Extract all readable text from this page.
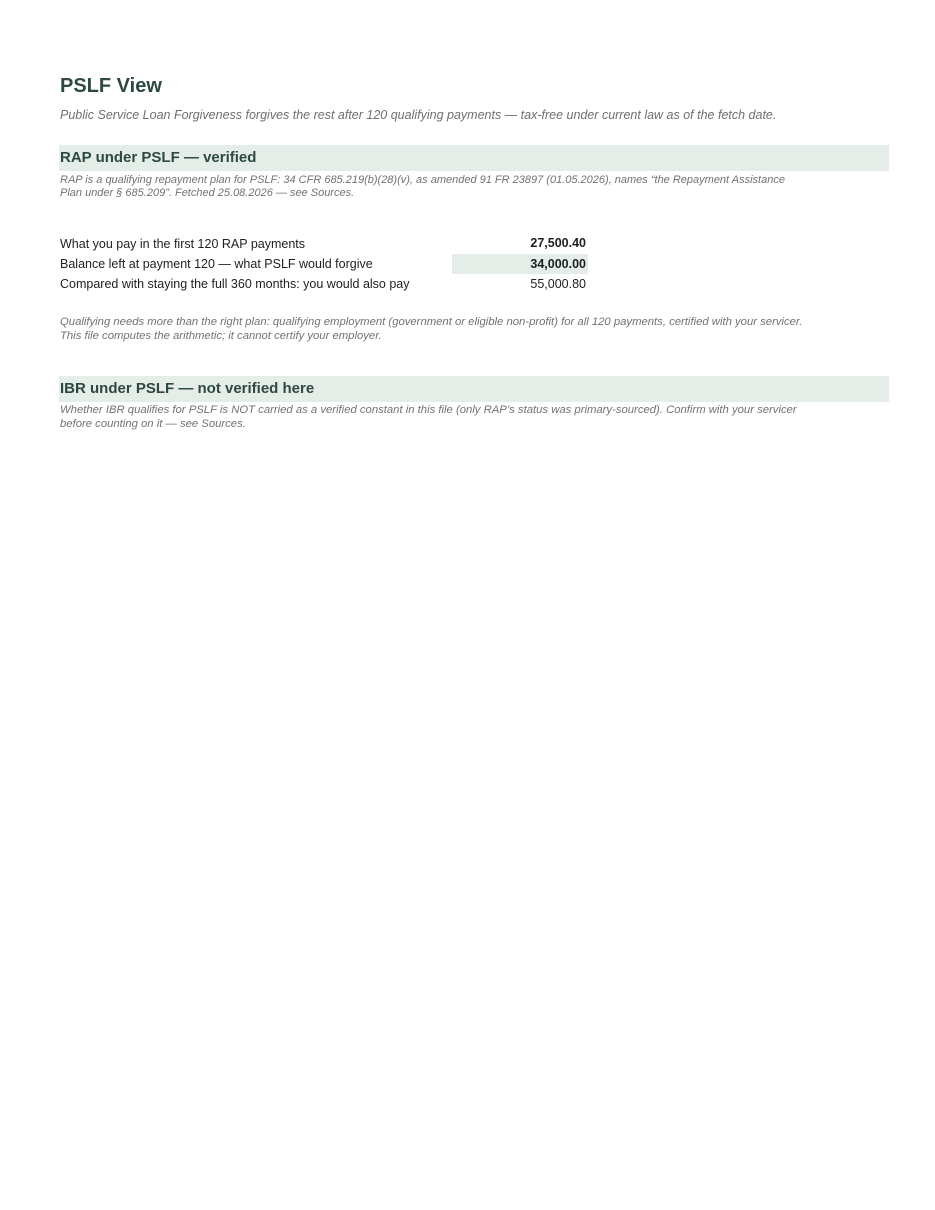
PSLF View

Public Service Loan Forgiveness forgives the rest after 120 qualifying payments — tax-free under current law as of the fetch date.

RAP under PSLF — verified
RAP is a qualifying repayment plan for PSLF: 34 CFR 685.219(b)(28)(v), as amended 91 FR 23897 (01.05.2026), names “the Repayment Assistance
Plan under § 685.209”. Fetched 25.08.2026 — see Sources.
What you pay in the first 120 RAP payments	27,500.40
Balance left at payment 120 — what PSLF would forgive	34,000.00
Compared with staying the full 360 months: you would also pay	55,000.80
Qualifying needs more than the right plan: qualifying employment (government or eligible non-profit) for all 120 payments, certified with your servicer.
This file computes the arithmetic; it cannot certify your employer.
IBR under PSLF — not verified here
Whether IBR qualifies for PSLF is NOT carried as a verified constant in this file (only RAP’s status was primary-sourced). Confirm with your servicer
before counting on it — see Sources.
